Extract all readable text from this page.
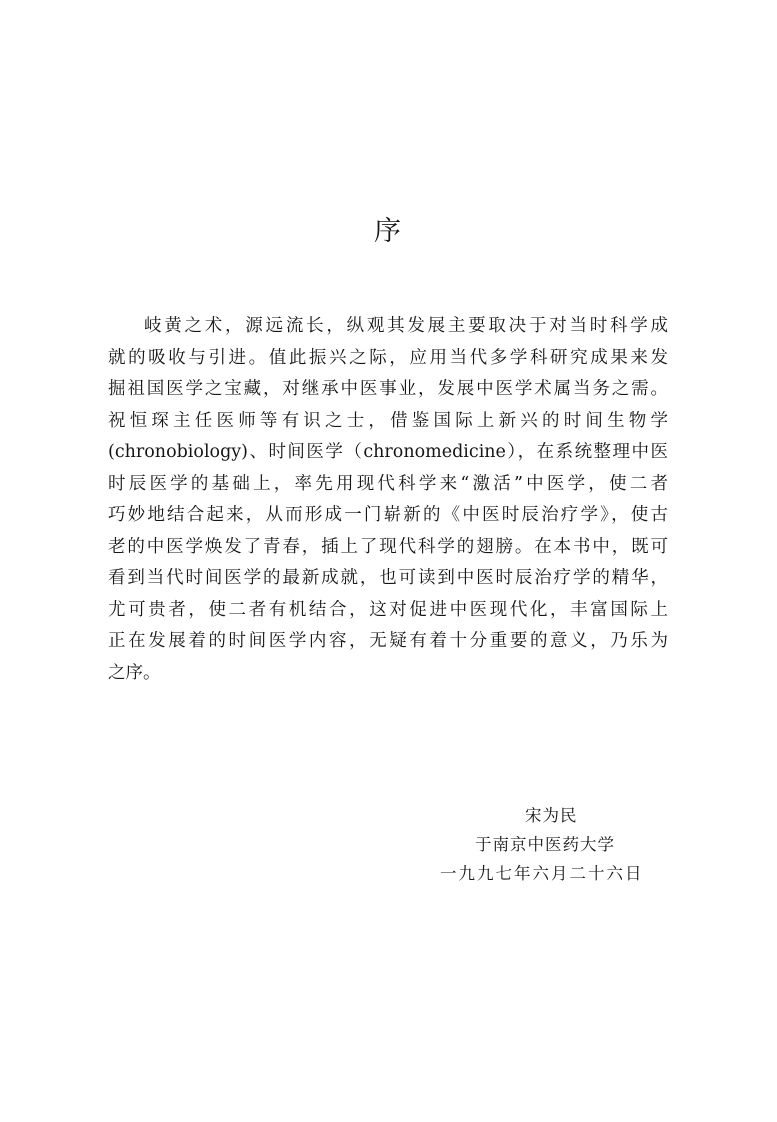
序
岐黄之术，源远流长，纵观其发展主要取决于对当时科学成
就的吸收与引进。值此振兴之际，应用当代多学科研究成果来发
掘祖国医学之宝藏，对继承中医事业，发展中医学术属当务之需。
祝恒琛主任医师等有识之士，借鉴国际上新兴的时间生物学
(chronobiology)、时间医学（chronomedicine），在系统整理中医
时辰医学的基础上，率先用现代科学来“激活”中医学，使二者
巧妙地结合起来，从而形成一门崭新的《中医时辰治疗学》，使古
老的中医学焕发了青春，插上了现代科学的翅膀。在本书中，既可
看到当代时间医学的最新成就，也可读到中医时辰治疗学的精华，
尤可贵者，使二者有机结合，这对促进中医现代化，丰富国际上
正在发展着的时间医学内容，无疑有着十分重要的意义，乃乐为
之序。
宋为民
于南京中医药大学
一九九七年六月二十六日
